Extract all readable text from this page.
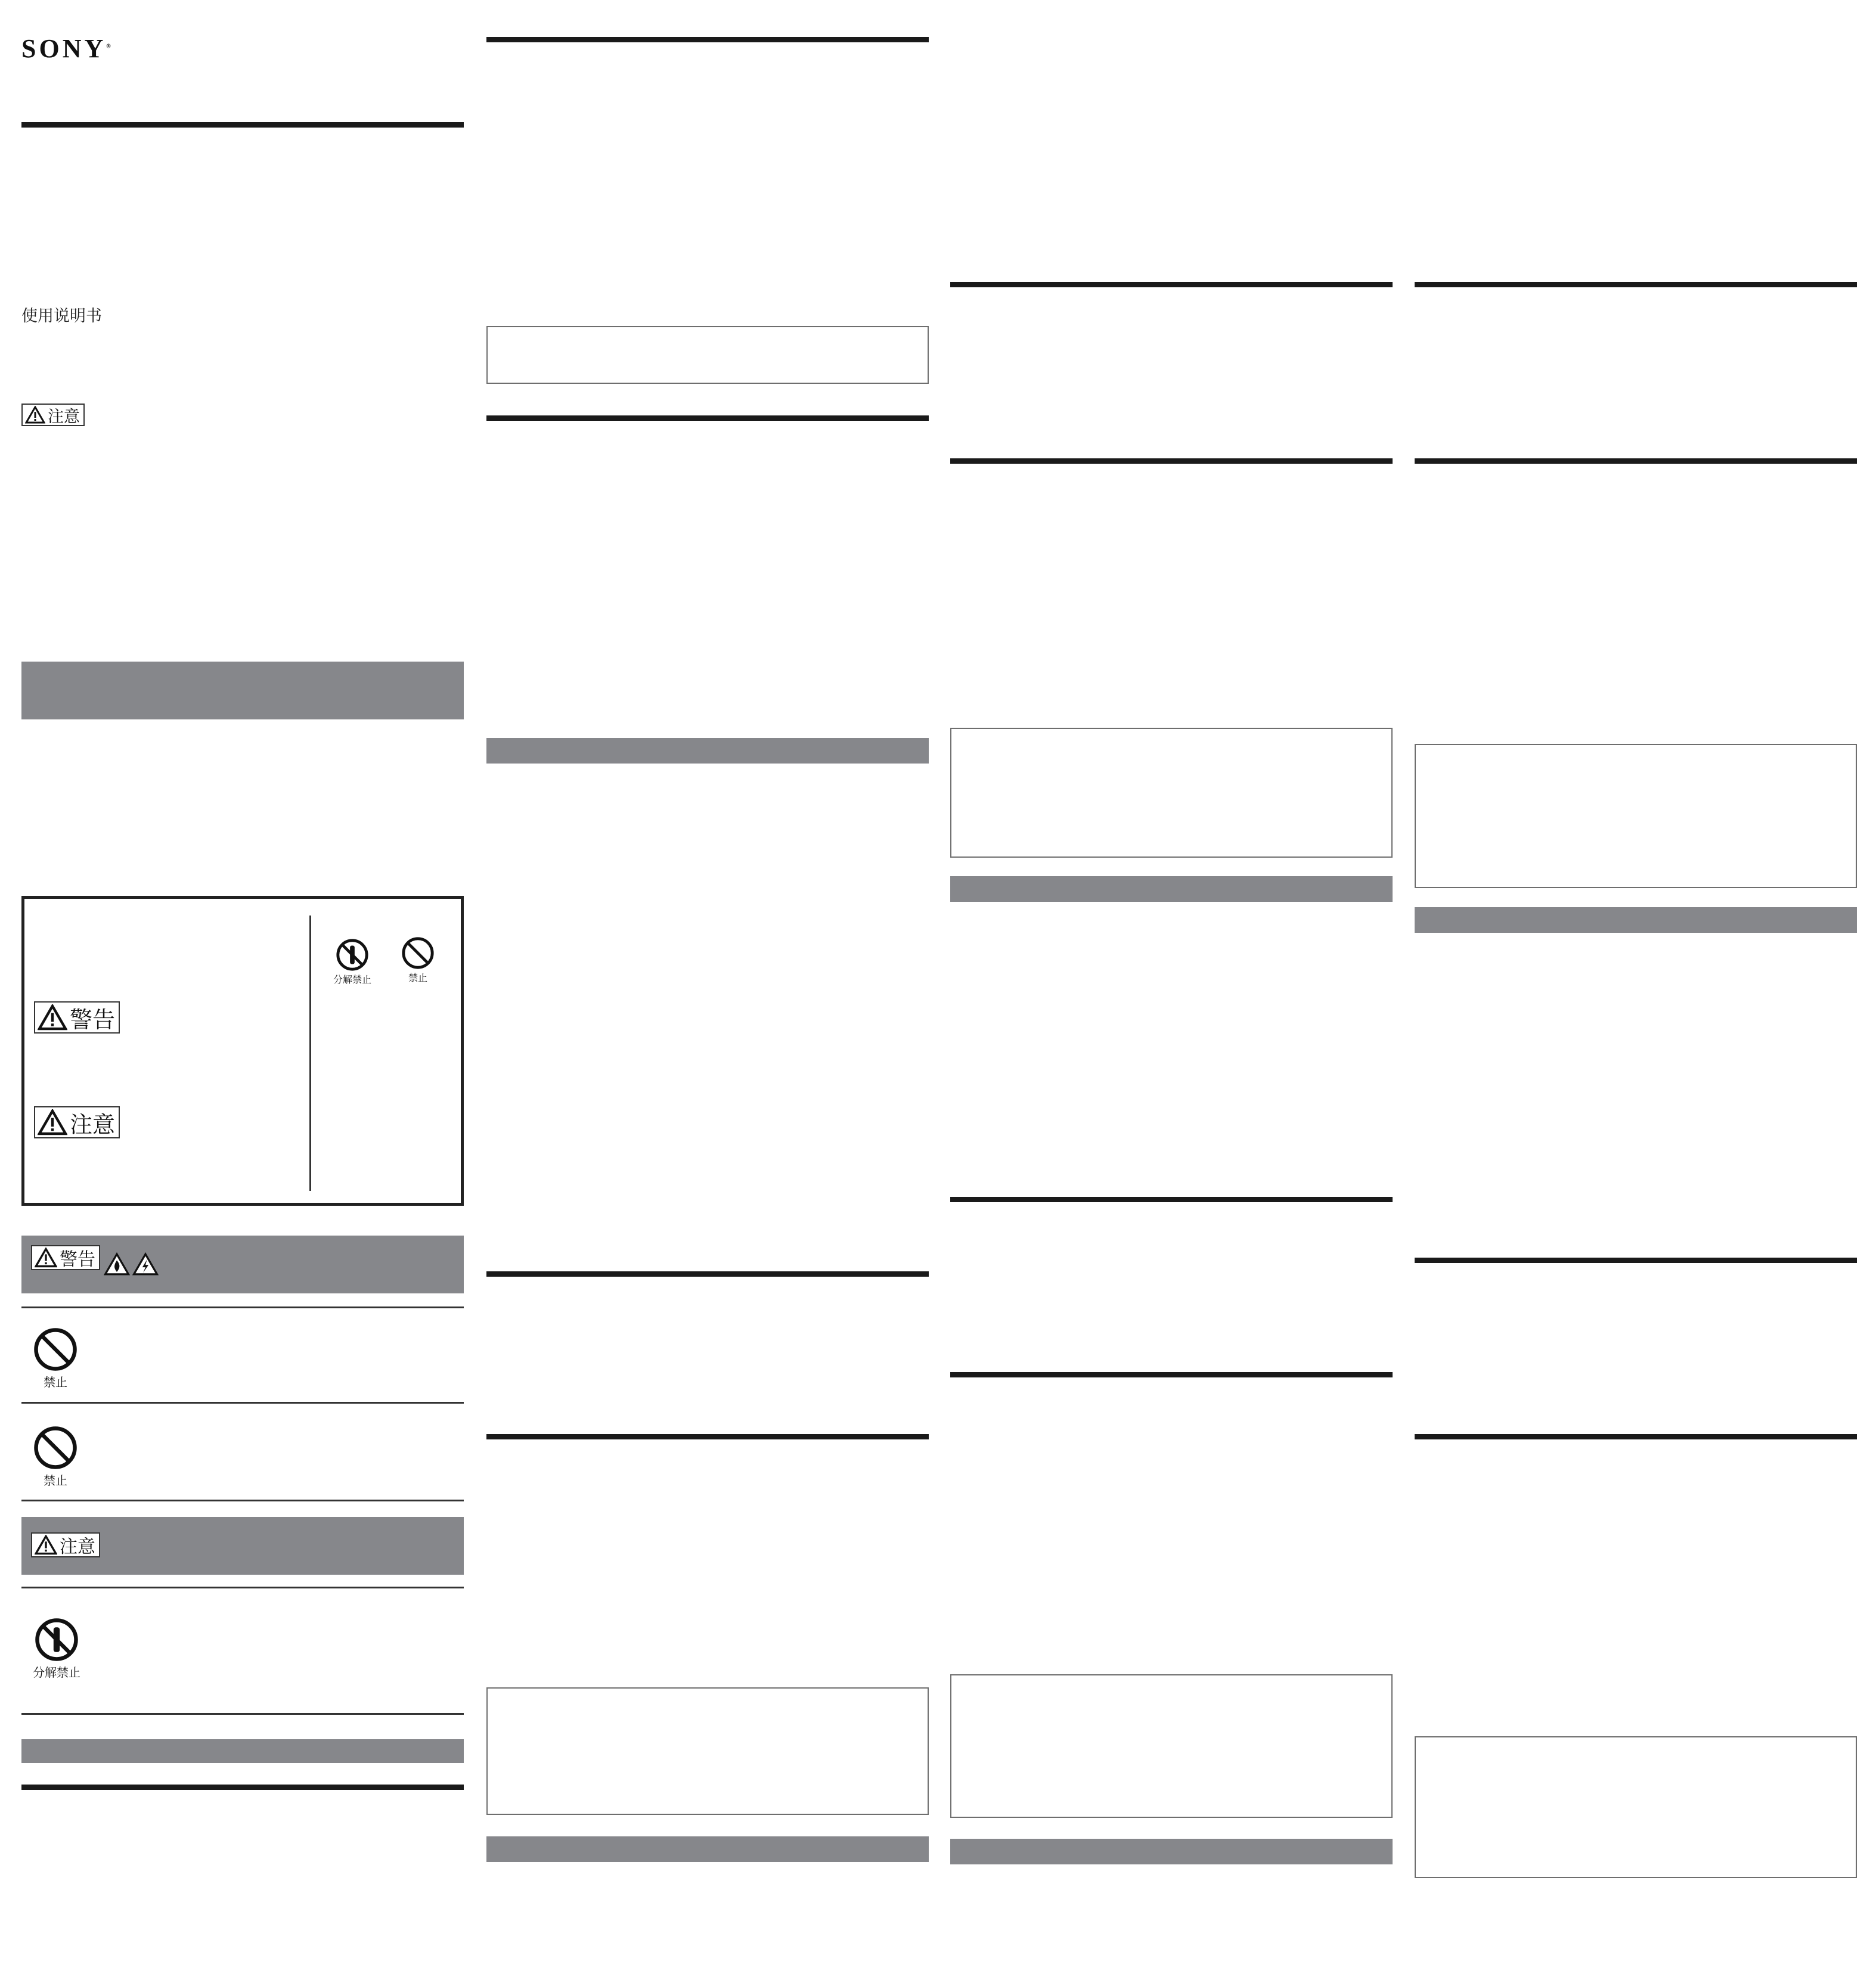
SONY®
使用说明书
注意
警告
注意
分解禁止	禁止
警告
禁止
禁止
注意
分解禁止
